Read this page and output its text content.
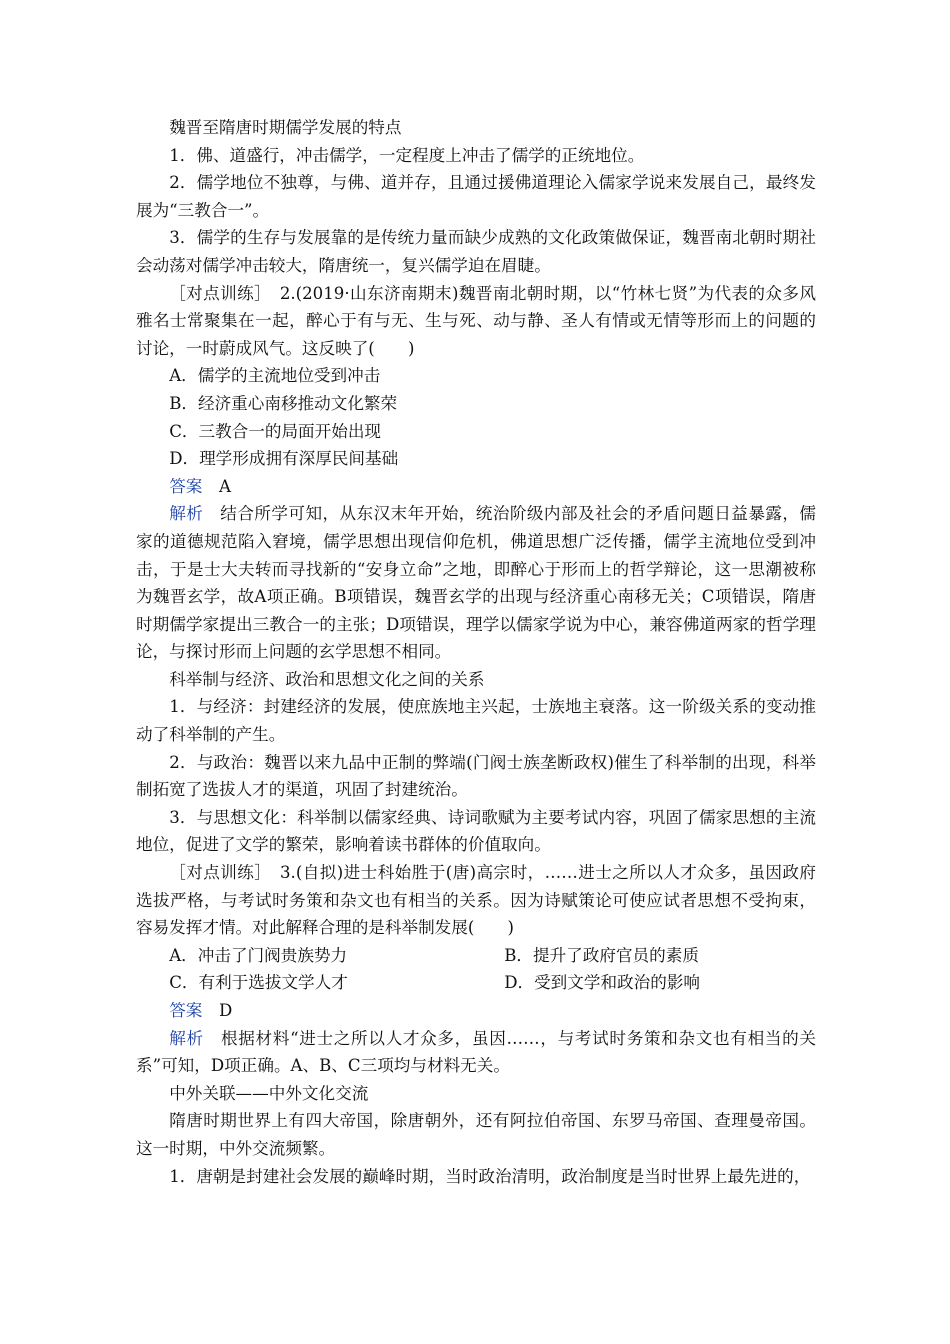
魏晋至隋唐时期儒学发展的特点

1．佛、道盛行，冲击儒学，一定程度上冲击了儒学的正统地位。

2．儒学地位不独尊，与佛、道并存，且通过援佛道理论入儒家学说来发展自己，最终发展为“三教合一”。

3．儒学的生存与发展靠的是传统力量而缺少成熟的文化政策做保证，魏晋南北朝时期社会动荡对儒学冲击较大，隋唐统一，复兴儒学迫在眉睫。

［对点训练］　2.(2019·山东济南期末)魏晋南北朝时期，以“竹林七贤”为代表的众多风雅名士常聚集在一起，醉心于有与无、生与死、动与静、圣人有情或无情等形而上的问题的讨论，一时蔚成风气。这反映了(　　)

A．儒学的主流地位受到冲击

B．经济重心南移推动文化繁荣

C．三教合一的局面开始出现

D．理学形成拥有深厚民间基础

答案　A

解析　结合所学可知，从东汉末年开始，统治阶级内部及社会的矛盾问题日益暴露，儒家的道德规范陷入窘境，儒学思想出现信仰危机，佛道思想广泛传播，儒学主流地位受到冲击，于是士大夫转而寻找新的“安身立命”之地，即醉心于形而上的哲学辩论，这一思潮被称为魏晋玄学，故A项正确。B项错误，魏晋玄学的出现与经济重心南移无关；C项错误，隋唐时期儒学家提出三教合一的主张；D项错误，理学以儒家学说为中心，兼容佛道两家的哲学理论，与探讨形而上问题的玄学思想不相同。

科举制与经济、政治和思想文化之间的关系

1．与经济：封建经济的发展，使庶族地主兴起，士族地主衰落。这一阶级关系的变动推动了科举制的产生。

2．与政治：魏晋以来九品中正制的弊端(门阀士族垄断政权)催生了科举制的出现，科举制拓宽了选拔人才的渠道，巩固了封建统治。

3．与思想文化：科举制以儒家经典、诗词歌赋为主要考试内容，巩固了儒家思想的主流地位，促进了文学的繁荣，影响着读书群体的价值取向。

［对点训练］　3.(自拟)进士科始胜于(唐)高宗时，……进士之所以人才众多，虽因政府选拔严格，与考试时务策和杂文也有相当的关系。因为诗赋策论可使应试者思想不受拘束，容易发挥才情。对此解释合理的是科举制发展(　　)

A．冲击了门阀贵族势力	B．提升了政府官员的素质
C．有利于选拔文学人才	D．受到文学和政治的影响

答案　D

解析　根据材料“进士之所以人才众多，虽因……，与考试时务策和杂文也有相当的关系”可知，D项正确。A、B、C三项均与材料无关。

中外关联——中外文化交流

隋唐时期世界上有四大帝国，除唐朝外，还有阿拉伯帝国、东罗马帝国、查理曼帝国。这一时期，中外交流频繁。

1．唐朝是封建社会发展的巅峰时期，当时政治清明，政治制度是当时世界上最先进的，
